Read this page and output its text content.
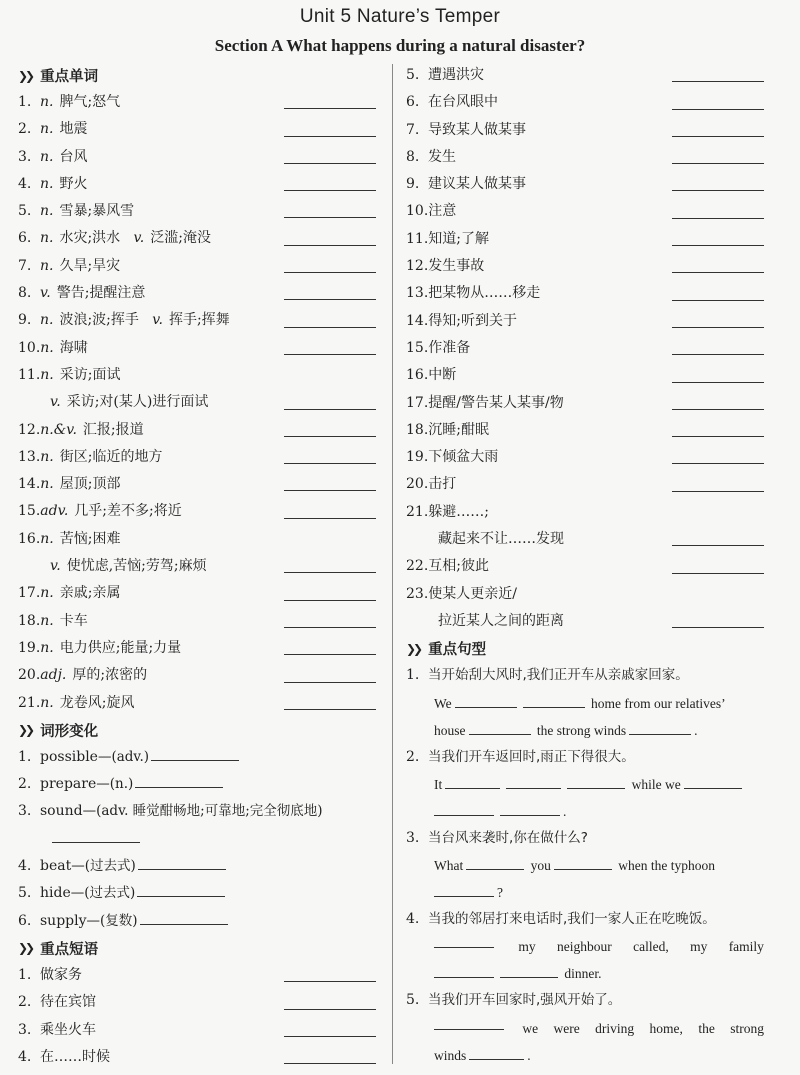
Unit 5 Nature’s Temper
Section A What happens during a natural disaster?
❯❯ 重点单词
1. n. 脾气;怒气
2. n. 地震
3. n. 台风
4. n. 野火
5. n. 雪暴;暴风雪
6. n. 水灾;洪水 v. 泛滥;淹没
7. n. 久旱;旱灾
8. v. 警告;提醒注意
9. n. 波浪;波;挥手 v. 挥手;挥舞
10.n. 海啸
11.n. 采访;面试
v. 采访;对(某人)进行面试
12.n.&v. 汇报;报道
13.n. 街区;临近的地方
14.n. 屋顶;顶部
15.adv. 几乎;差不多;将近
16.n. 苦恼;困难
v. 使忧虑,苦恼;劳驾;麻烦
17.n. 亲戚;亲属
18.n. 卡车
19.n. 电力供应;能量;力量
20.adj. 厚的;浓密的
21.n. 龙卷风;旋风
❯❯ 词形变化
1. possible—(adv.)
2. prepare—(n.)
3. sound—(adv. 睡觉酣畅地;可靠地;完全彻底地)
4. beat—(过去式)
5. hide—(过去式)
6. supply—(复数)
❯❯ 重点短语
1. 做家务
2. 待在宾馆
3. 乘坐火车
4. 在……时候
5. 遭遇洪灾
6. 在台风眼中
7. 导致某人做某事
8. 发生
9. 建议某人做某事
10.注意
11.知道;了解
12.发生事故
13.把某物从……移走
14.得知;听到关于
15.作准备
16.中断
17.提醒/警告某人某事/物
18.沉睡;酣眠
19.下倾盆大雨
20.击打
21.躲避……;
藏起来不让……发现
22.互相;彼此
23.使某人更亲近/
拉近某人之间的距离
❯❯ 重点句型
1. 当开始刮大风时,我们正开车从亲戚家回家。
We	home from our relatives’
house	the strong winds	.
2. 当我们开车返回时,雨正下得很大。
It	while we
.
3. 当台风来袭时,你在做什么?
What	you	when the typhoon
?
4. 当我的邻居打来电话时,我们一家人正在吃晚饭。
my neighbour called, my family
dinner.
5. 当我们开车回家时,强风开始了。
we were driving home, the strong
winds	.
